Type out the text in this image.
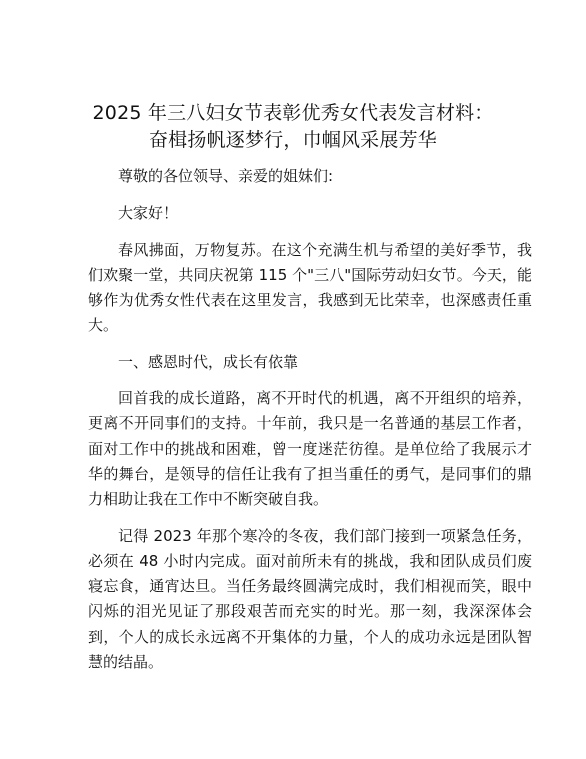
2025 年三八妇女节表彰优秀女代表发言材料：

奋楫扬帆逐梦行，巾帼风采展芳华

尊敬的各位领导、亲爱的姐妹们:

大家好！

春风拂面，万物复苏。在这个充满生机与希望的美好季节，我们欢聚一堂，共同庆祝第 115 个"三八"国际劳动妇女节。今天，能够作为优秀女性代表在这里发言，我感到无比荣幸，也深感责任重大。

一、感恩时代，成长有依靠

回首我的成长道路，离不开时代的机遇，离不开组织的培养，更离不开同事们的支持。十年前，我只是一名普通的基层工作者，面对工作中的挑战和困难，曾一度迷茫彷徨。是单位给了我展示才华的舞台，是领导的信任让我有了担当重任的勇气，是同事们的鼎力相助让我在工作中不断突破自我。

记得 2023 年那个寒冷的冬夜，我们部门接到一项紧急任务，必须在 48 小时内完成。面对前所未有的挑战，我和团队成员们废寝忘食，通宵达旦。当任务最终圆满完成时，我们相视而笑，眼中闪烁的泪光见证了那段艰苦而充实的时光。那一刻，我深深体会到，个人的成长永远离不开集体的力量，个人的成功永远是团队智慧的结晶。
